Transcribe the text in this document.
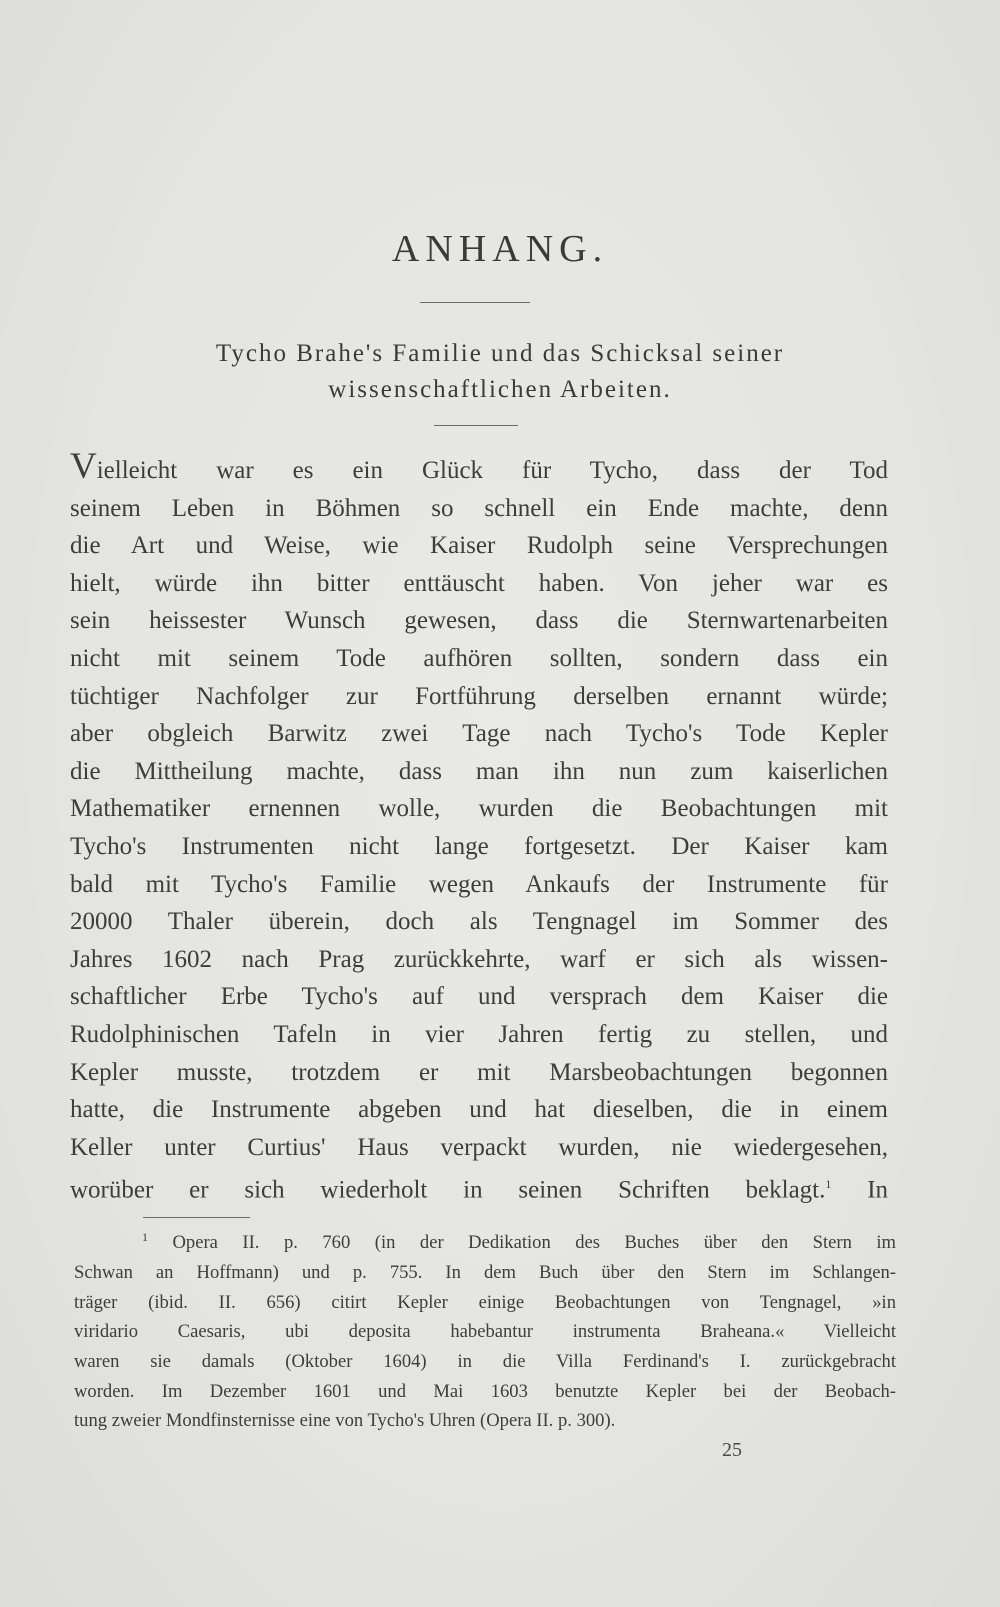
ANHANG.
Tycho Brahe's Familie und das Schicksal seiner
wissenschaftlichen Arbeiten.
Vielleicht war es ein Glück für Tycho, dass der Tod
seinem Leben in Böhmen so schnell ein Ende machte, denn
die Art und Weise, wie Kaiser Rudolph seine Versprechungen
hielt, würde ihn bitter enttäuscht haben. Von jeher war es
sein heissester Wunsch gewesen, dass die Sternwartenarbeiten
nicht mit seinem Tode aufhören sollten, sondern dass ein
tüchtiger Nachfolger zur Fortführung derselben ernannt würde;
aber obgleich Barwitz zwei Tage nach Tycho's Tode Kepler
die Mittheilung machte, dass man ihn nun zum kaiserlichen
Mathematiker ernennen wolle, wurden die Beobachtungen mit
Tycho's Instrumenten nicht lange fortgesetzt. Der Kaiser kam
bald mit Tycho's Familie wegen Ankaufs der Instrumente für
20000 Thaler überein, doch als Tengnagel im Sommer des
Jahres 1602 nach Prag zurückkehrte, warf er sich als wissen-
schaftlicher Erbe Tycho's auf und versprach dem Kaiser die
Rudolphinischen Tafeln in vier Jahren fertig zu stellen, und
Kepler musste, trotzdem er mit Marsbeobachtungen begonnen
hatte, die Instrumente abgeben und hat dieselben, die in einem
Keller unter Curtius' Haus verpackt wurden, nie wiedergesehen,
worüber er sich wiederholt in seinen Schriften beklagt.$^1$ In
$^1$ Opera II. p. 760 (in der Dedikation des Buches über den Stern im
Schwan an Hoffmann) und p. 755. In dem Buch über den Stern im Schlangen-
träger (ibid. II. 656) citirt Kepler einige Beobachtungen von Tengnagel, »in
viridario Caesaris, ubi deposita habebantur instrumenta Braheana.« Vielleicht
waren sie damals (Oktober 1604) in die Villa Ferdinand's I. zurückgebracht
worden. Im Dezember 1601 und Mai 1603 benutzte Kepler bei der Beobach-
tung zweier Mondfinsternisse eine von Tycho's Uhren (Opera II. p. 300).
25
